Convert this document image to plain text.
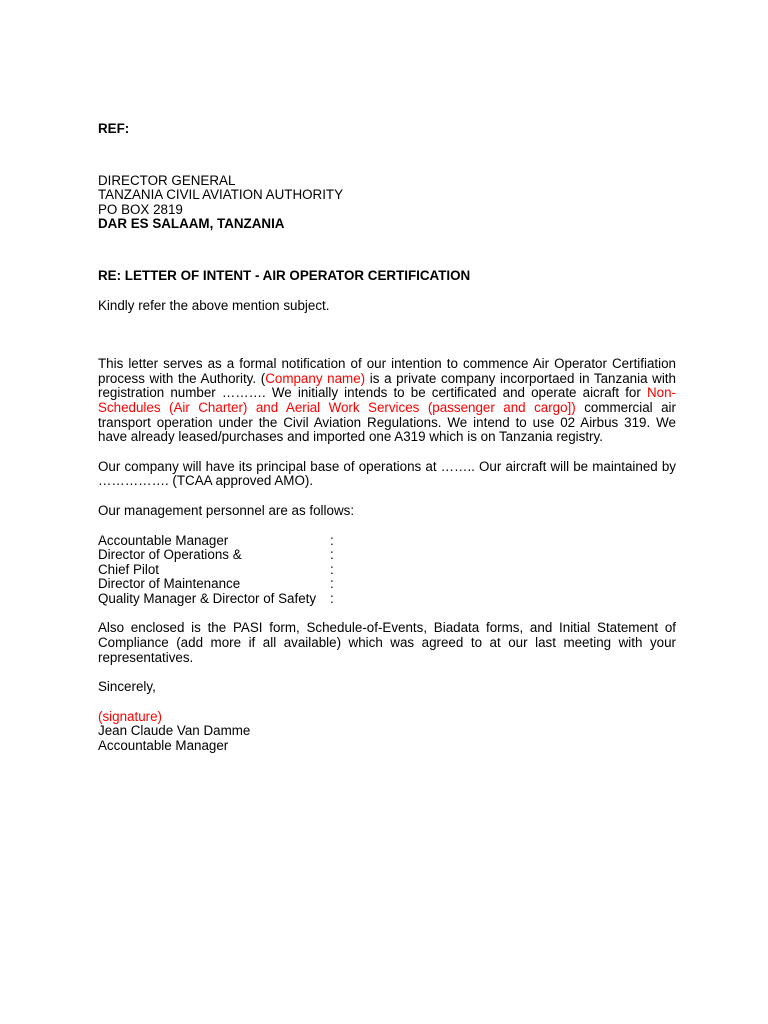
REF:
DIRECTOR GENERAL
TANZANIA CIVIL AVIATION AUTHORITY
PO BOX 2819
DAR ES SALAAM, TANZANIA
RE: LETTER OF INTENT - AIR OPERATOR CERTIFICATION
Kindly refer the above mention subject.

This letter serves as a formal notification of our intention to commence Air Operator Certifiation process with the Authority. (Company name) is a private company incorportaed in Tanzania with registration number ………. We initially intends to be certificated and operate aicraft for Non-Schedules (Air Charter) and Aerial Work Services (passenger and cargo]) commercial air transport operation under the Civil Aviation Regulations. We intend to use 02 Airbus 319. We have already leased/purchases and imported one A319 which is on Tanzania registry.

Our company will have its principal base of operations at …….. Our aircraft will be maintained by ……………. (TCAA approved AMO).

Our management personnel are as follows:
Accountable Manager	:
Director of Operations &	:
Chief Pilot	:
Director of Maintenance	:
Quality Manager & Director of Safety	:

Also enclosed is the PASI form, Schedule-of-Events, Biadata forms, and Initial Statement of Compliance (add more if all available) which was agreed to at our last meeting with your representatives.

Sincerely,
(signature)
Jean Claude Van Damme
Accountable Manager
